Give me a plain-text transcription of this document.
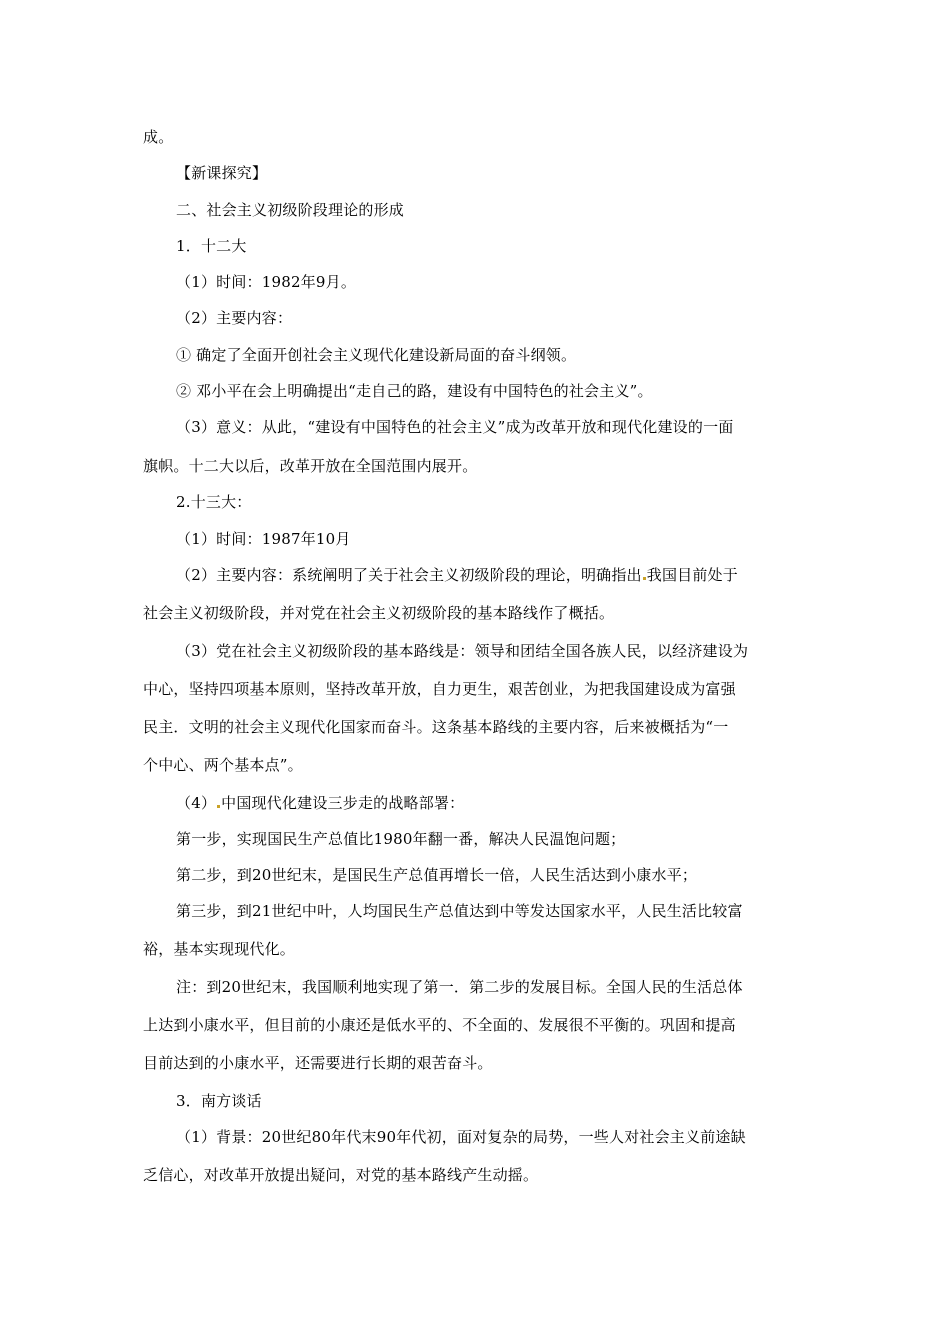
成。
【新课探究】
二、社会主义初级阶段理论的形成
1．十二大
（1）时间：1982年9月。
（2）主要内容：
① 确定了全面开创社会主义现代化建设新局面的奋斗纲领。
② 邓小平在会上明确提出“走自己的路，建设有中国特色的社会主义”。
（3）意义：从此，“建设有中国特色的社会主义”成为改革开放和现代化建设的一面
旗帜。十二大以后，改革开放在全国范围内展开。
2.十三大：
（1）时间：1987年10月
（2）主要内容：系统阐明了关于社会主义初级阶段的理论，明确指出 我国目前处于
社会主义初级阶段，并对党在社会主义初级阶段的基本路线作了概括。
（3）党在社会主义初级阶段的基本路线是：领导和团结全国各族人民，以经济建设为
中心，坚持四项基本原则，坚持改革开放，自力更生，艰苦创业，为把我国建设成为富强
民主．文明的社会主义现代化国家而奋斗。这条基本路线的主要内容，后来被概括为“一
个中心、两个基本点”。
（4） 中国现代化建设三步走的战略部署：
第一步，实现国民生产总值比1980年翻一番，解决人民温饱问题；
第二步，到20世纪末，是国民生产总值再增长一倍，人民生活达到小康水平；
第三步，到21世纪中叶，人均国民生产总值达到中等发达国家水平，人民生活比较富
裕，基本实现现代化。
注：到20世纪末，我国顺利地实现了第一．第二步的发展目标。全国人民的生活总体
上达到小康水平，但目前的小康还是低水平的、不全面的、发展很不平衡的。巩固和提高
目前达到的小康水平，还需要进行长期的艰苦奋斗。
3．南方谈话
（1）背景：20世纪80年代末90年代初，面对复杂的局势，一些人对社会主义前途缺
乏信心，对改革开放提出疑问，对党的基本路线产生动摇。
